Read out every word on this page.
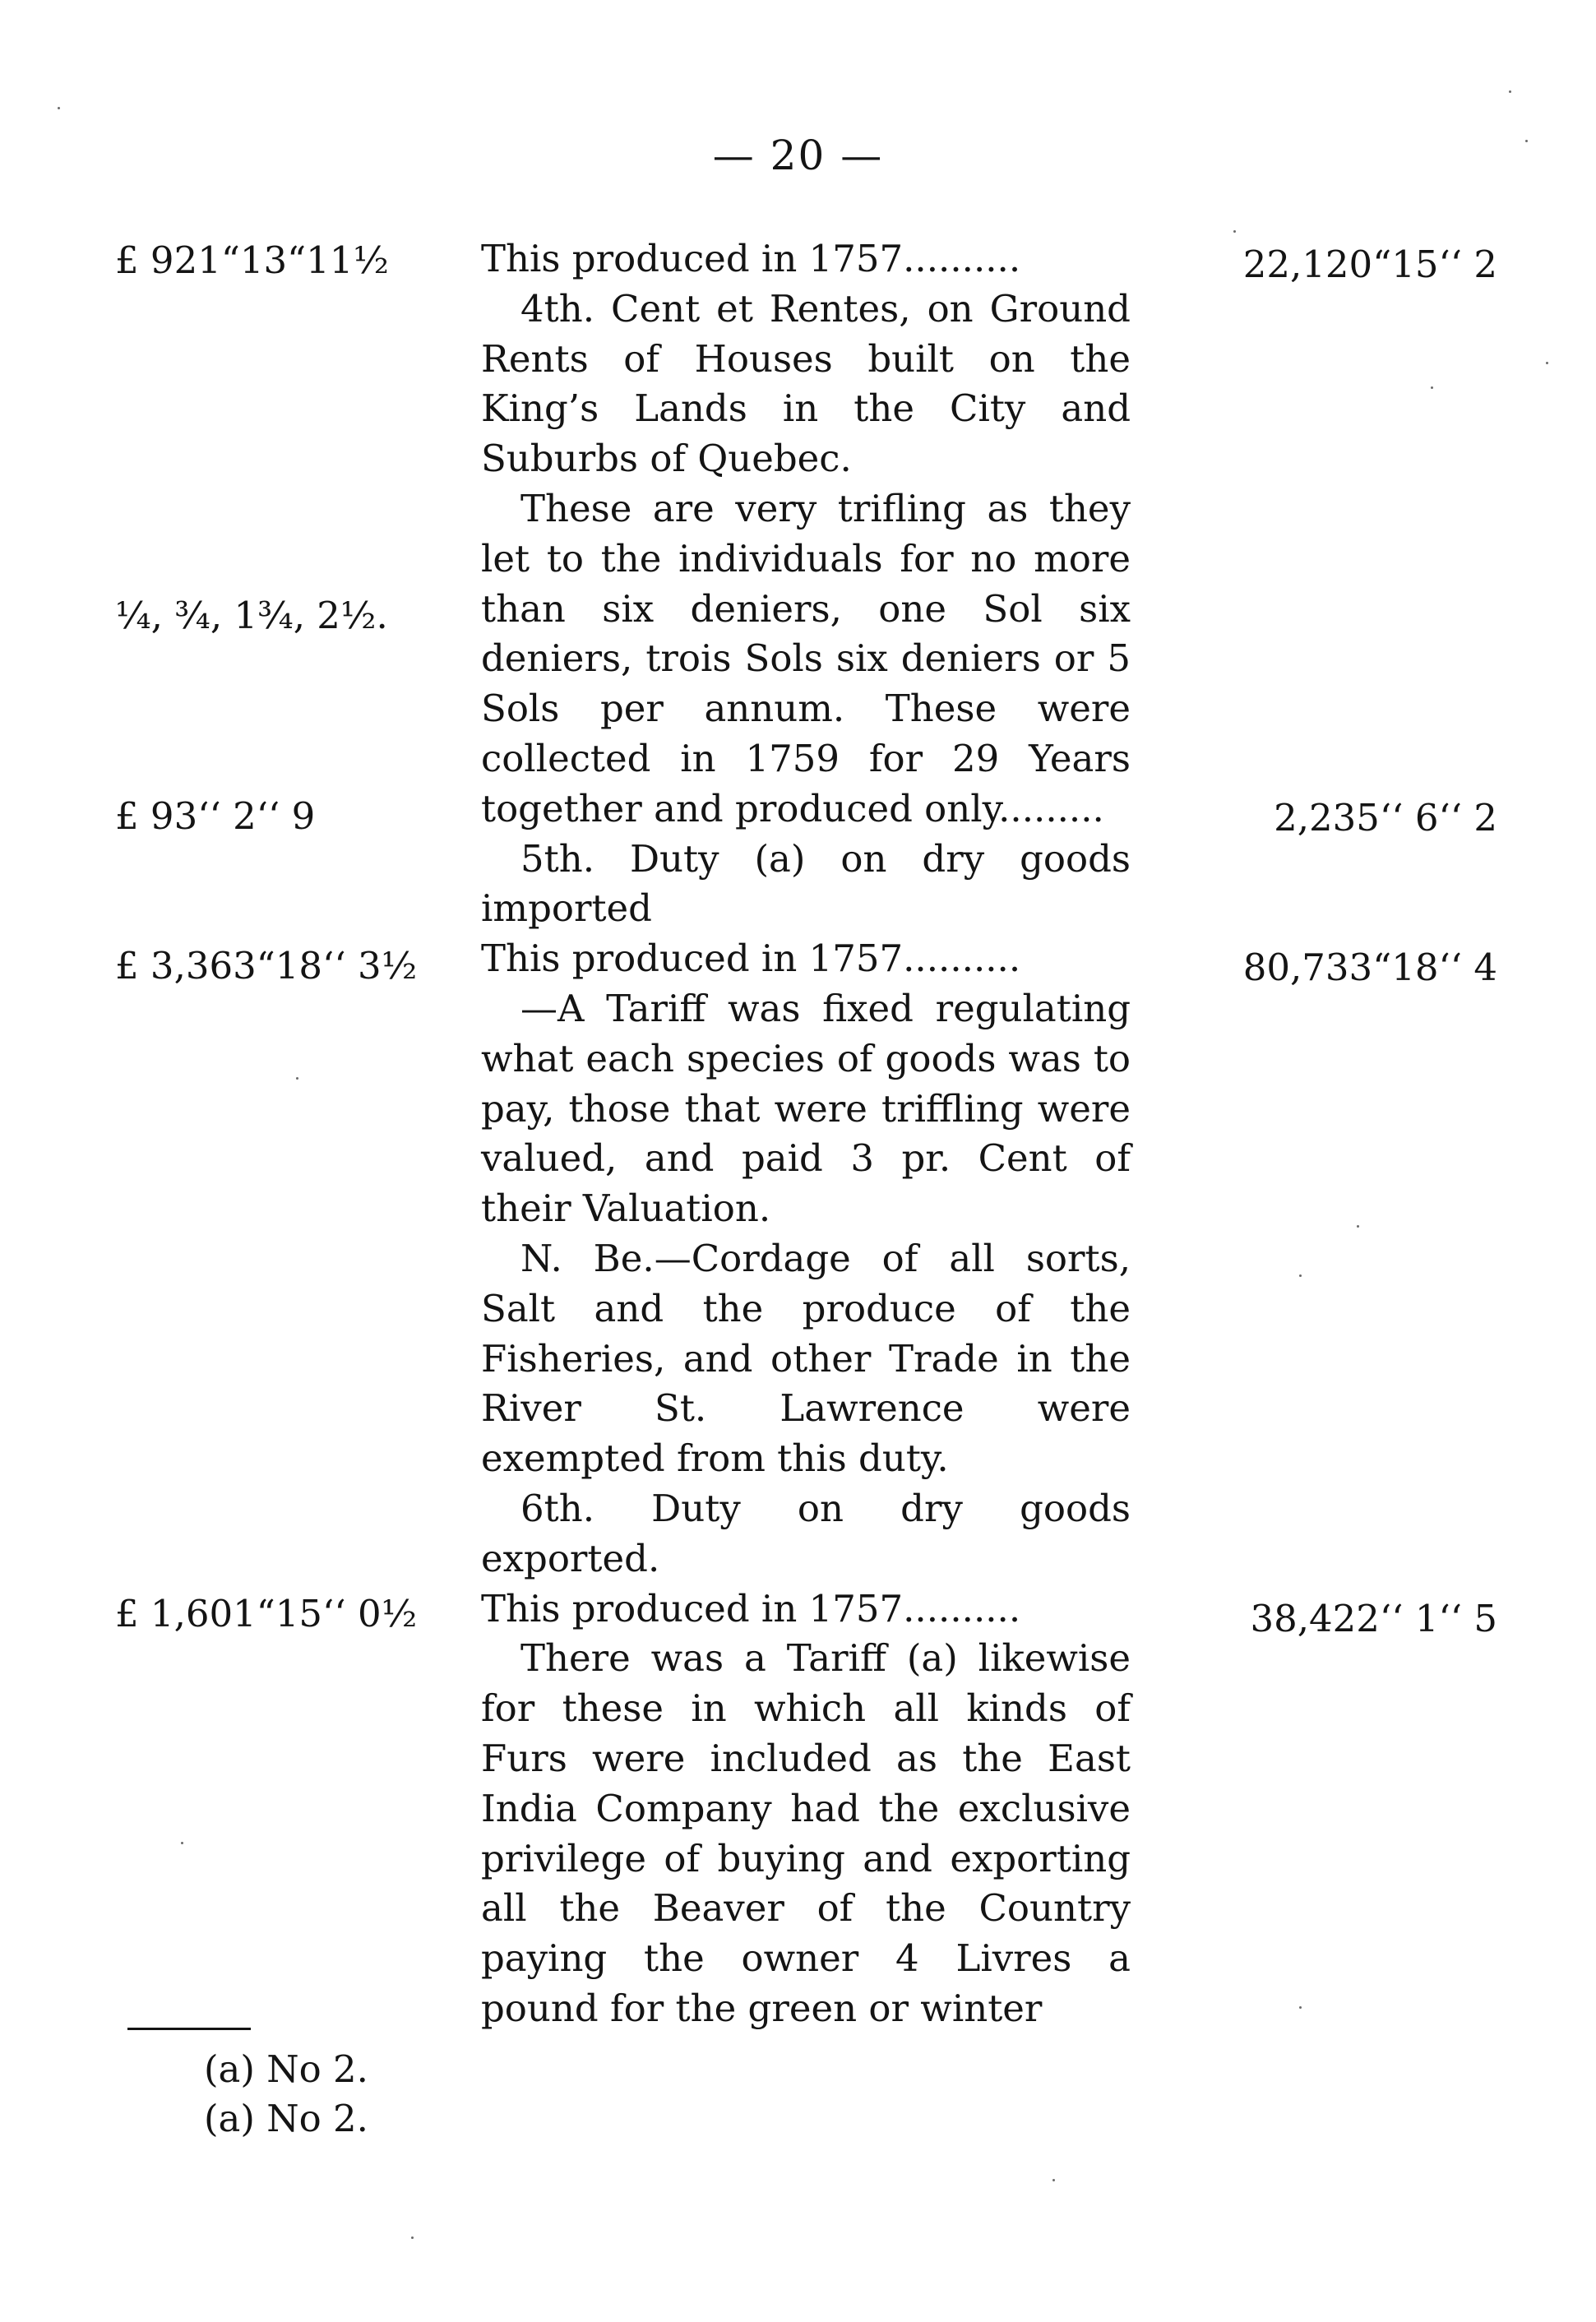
— 20 —
£ 921“13“11½
¼, ¾, 1¾, 2½.
£ 93‘‘ 2‘‘ 9
£ 3,363“18‘‘ 3½
£ 1,601“15‘‘ 0½
22,120“15‘‘ 2
2,235‘‘ 6‘‘ 2
80,733“18‘‘ 4
38,422‘‘ 1‘‘ 5

This produced in 1757..........

4th. Cent et Rentes, on Ground Rents of Houses built on the King’s Lands in the City and Suburbs of Quebec.

These are very trifling as they let to the individuals for no more than six deniers, one Sol six deniers, trois Sols six deniers or 5 Sols per annum. These were collected in 1759 for 29 Years together and produced only.........

5th. Duty (a) on dry goods imported

This produced in 1757..........

—A Tariff was fixed regulating what each species of goods was to pay, those that were triffling were valued, and paid 3 pr. Cent of their Valuation.

N. Be.—Cordage of all sorts, Salt and the produce of the Fisheries, and other Trade in the River St. Lawrence were exempted from this duty.

6th. Duty on dry goods exported.

This produced in 1757..........

There was a Tariff (a) likewise for these in which all kinds of Furs were included as the East India Company had the exclusive privilege of buying and exporting all the Beaver of the Country paying the owner 4 Livres a pound for the green or winter

(a) No 2.
(a) No 2.
